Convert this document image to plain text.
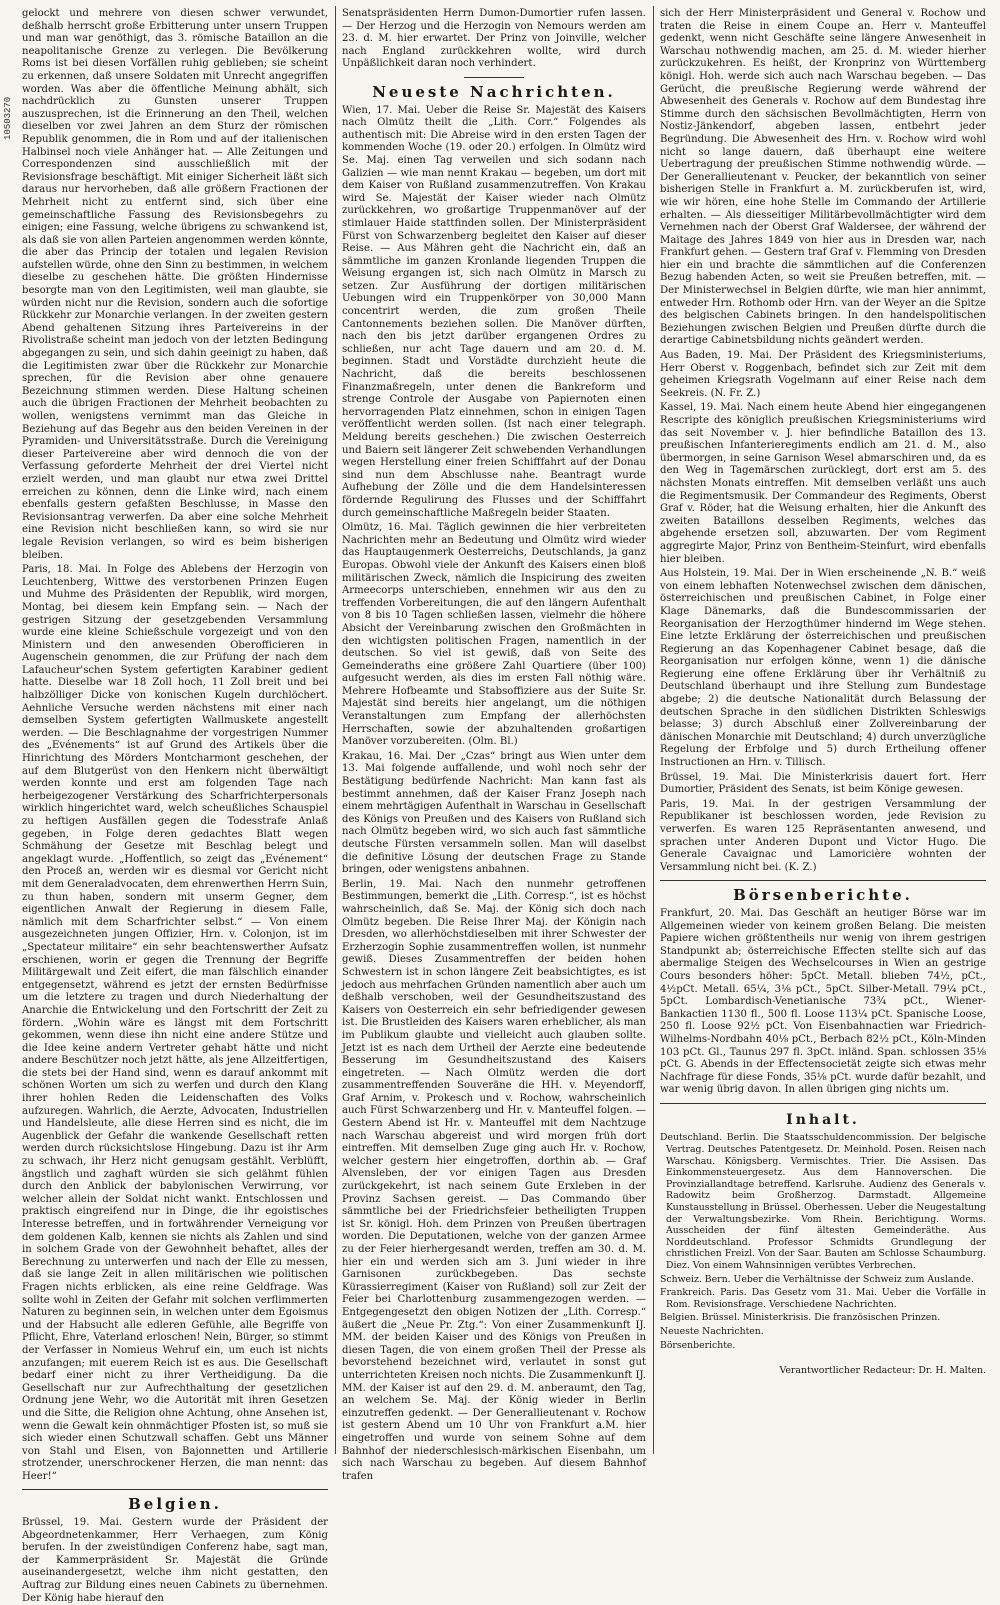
10503270

gelockt und mehrere von diesen schwer verwundet, deßhalb herrscht große Erbitterung unter unsern Truppen und man war genöthigt, das 3. römische Bataillon an die neapolitanische Grenze zu verlegen. Die Bevölkerung Roms ist bei diesen Vorfällen ruhig geblieben; sie scheint zu erkennen, daß unsere Soldaten mit Unrecht angegriffen worden. Was aber die öffentliche Meinung abhält, sich nachdrücklich zu Gunsten unserer Truppen auszusprechen, ist die Erinnerung an den Theil, welchen dieselben vor zwei Jahren an dem Sturz der römischen Republik genommen, die in Rom und auf der italienischen Halbinsel noch viele Anhänger hat. — Alle Zeitungen und Correspondenzen sind ausschließlich mit der Revisionsfrage beschäftigt. Mit einiger Sicherheit läßt sich daraus nur hervorheben, daß alle größern Fractionen der Mehrheit nicht zu entfernt sind, sich über eine gemeinschaftliche Fassung des Revisionsbegehrs zu einigen; eine Fassung, welche übrigens zu schwankend ist, als daß sie von allen Parteien angenommen werden könnte, die aber das Princip der totalen und legalen Revision aufstellen würde, ohne den Sinn zu bestimmen, in welchem dieselbe zu geschehen hätte. Die größten Hindernisse besorgte man von den Legitimisten, weil man glaubte, sie würden nicht nur die Revision, sondern auch die sofortige Rückkehr zur Monarchie verlangen. In der zweiten gestern Abend gehaltenen Sitzung ihres Parteivereins in der Rivolistraße scheint man jedoch von der letzten Bedingung abgegangen zu sein, und sich dahin geeinigt zu haben, daß die Legitimisten zwar über die Rückkehr zur Monarchie sprechen, für die Revision aber ohne genauere Bezeichnung stimmen werden. Diese Haltung scheinen auch die übrigen Fractionen der Mehrheit beobachten zu wollen, wenigstens vernimmt man das Gleiche in Beziehung auf das Begehr aus den beiden Vereinen in der Pyramiden- und Universitätsstraße. Durch die Vereinigung dieser Parteivereine aber wird dennoch die von der Verfassung geforderte Mehrheit der drei Viertel nicht erzielt werden, und man glaubt nur etwa zwei Drittel erreichen zu können, denn die Linke wird, nach einem ebenfalls gestern gefaßten Beschlusse, in Masse den Revisionsantrag verwerfen. Da aber eine solche Mehrheit eine Revision nicht beschließen kann, so wird sie nur legale Revision verlangen, so wird es beim bisherigen bleiben.

Paris, 18. Mai. In Folge des Ablebens der Herzogin von Leuchtenberg, Wittwe des verstorbenen Prinzen Eugen und Muhme des Präsidenten der Republik, wird morgen, Montag, bei diesem kein Empfang sein. — Nach der gestrigen Sitzung der gesetzgebenden Versammlung wurde eine kleine Schießschule vorgezeigt und von den Ministern und den anwesenden Oberofficieren in Augenschein genommen, die zur Prüfung der nach dem Lafaucheur'schen System gefertigten Karabiner gedient hatte. Dieselbe war 18 Zoll hoch, 11 Zoll breit und bei halbzölliger Dicke von konischen Kugeln durchlöchert. Aehnliche Versuche werden nächstens mit einer nach demselben System gefertigten Wallmuskete angestellt werden. — Die Beschlagnahme der vorgestrigen Nummer des „Evénements“ ist auf Grund des Artikels über die Hinrichtung des Mörders Montcharmont geschehen, der auf dem Blutgerüst von den Henkern nicht überwältigt werden konnte und erst am folgenden Tage nach herbeigezogener Verstärkung des Scharfrichterpersonals wirklich hingerichtet ward, welch scheußliches Schauspiel zu heftigen Ausfällen gegen die Todesstrafe Anlaß gegeben, in Folge deren gedachtes Blatt wegen Schmähung der Gesetze mit Beschlag belegt und angeklagt wurde. „Hoffentlich, so zeigt das „Evénement“ den Proceß an, werden wir es diesmal vor Gericht nicht mit dem Generaladvocaten, dem ehrenwerthen Herrn Suin, zu thun haben, sondern mit unserm Gegner, dem eigentlichen Anwalt der Regierung in diesem Falle, nämlich mit dem Scharfrichter selbst.“ — Von einem ausgezeichneten jungen Offizier, Hrn. v. Colonjon, ist im „Spectateur militaire“ ein sehr beachtenswerther Aufsatz erschienen, worin er gegen die Trennung der Begriffe Militärgewalt und Zeit eifert, die man fälschlich einander entgegensetzt, während es jetzt der ernsten Bedürfnisse um die letztere zu tragen und durch Niederhaltung der Anarchie die Entwickelung und den Fortschritt der Zeit zu fördern. „Wohin wäre es längst mit dem Fortschritt gekommen, wenn diese ihn nicht eine andere Stütze und die Idee keine andern Vertreter gehabt hätte und nicht andere Beschützer noch jetzt hätte, als jene Allzeitfertigen, die stets bei der Hand sind, wenn es darauf ankommt mit schönen Worten um sich zu werfen und durch den Klang ihrer hohlen Reden die Leidenschaften des Volks aufzuregen. Wahrlich, die Aerzte, Advocaten, Industriellen und Handelsleute, alle diese Herren sind es nicht, die im Augenblick der Gefahr die wankende Gesellschaft retten werden durch rücksichtslose Hingebung. Dazu ist ihr Arm zu schwach, ihr Herz nicht genugsam gestählt. Verblüfft, ängstlich und zaghaft würden sie sich gelähmt fühlen durch den Anblick der babylonischen Verwirrung, vor welcher allein der Soldat nicht wankt. Entschlossen und praktisch eingreifend nur in Dinge, die ihr egoistisches Interesse betreffen, und in fortwährender Verneigung vor dem goldenen Kalb, kennen sie nichts als Zahlen und sind in solchem Grade von der Gewohnheit behaftet, alles der Berechnung zu unterwerfen und nach der Elle zu messen, daß sie lange Zeit in allen militärischen wie politischen Fragen nichts erblicken, als eine reine Geldfrage. Was sollte wohl in Zeiten der Gefahr mit solchen verflimmerten Naturen zu beginnen sein, in welchen unter dem Egoismus und der Habsucht alle edleren Gefühle, alle Begriffe von Pflicht, Ehre, Vaterland erloschen! Nein, Bürger, so stimmt der Verfasser in Nomieus Wehruf ein, um euch ist nichts anzufangen; mit euerem Reich ist es aus. Die Gesellschaft bedarf einer nicht zu ihrer Vertheidigung. Da die Gesellschaft nur zur Aufrechthaltung der gesetzlichen Ordnung jene Wehr, wo die Autorität mit ihren Gesetzen und die Sitte, die Religion ohne Achtung, ohne Ansehen ist, wenn die Gewalt kein ohnmächtiger Pfosten ist, so muß sie sich wieder einen Schutzwall schaffen. Gebt uns Männer von Stahl und Eisen, von Bajonnetten und Artillerie strotzender, unerschrockener Herzen, die man nennt: das Heer!“

Belgien.

Brüssel, 19. Mai. Gestern wurde der Präsident der Abgeordnetenkammer, Herr Verhaegen, zum König berufen. In der zweistündigen Conferenz habe, sagt man, der Kammerpräsident Sr. Majestät die Gründe auseinandergesetzt, welche ihm nicht gestatten, den Auftrag zur Bildung eines neuen Cabinets zu übernehmen. Der König habe hierauf den

Senatspräsidenten Herrn Dumon-Dumortier rufen lassen. — Der Herzog und die Herzogin von Nemours werden am 23. d. M. hier erwartet. Der Prinz von Joinville, welcher nach England zurückkehren wollte, wird durch Unpäßlichkeit daran noch verhindert.

Neueste Nachrichten.

Wien, 17. Mai. Ueber die Reise Sr. Majestät des Kaisers nach Olmütz theilt die „Lith. Corr.“ Folgendes als authentisch mit: Die Abreise wird in den ersten Tagen der kommenden Woche (19. oder 20.) erfolgen. In Olmütz wird Se. Maj. einen Tag verweilen und sich sodann nach Galizien — wie man nennt Krakau — begeben, um dort mit dem Kaiser von Rußland zusammenzutreffen. Von Krakau wird Se. Majestät der Kaiser wieder nach Olmütz zurückkehren, wo großartige Truppenmanöver auf der stimlauer Haide stattfinden sollen. Der Ministerpräsident Fürst von Schwarzenberg begleitet den Kaiser auf dieser Reise. — Aus Mähren geht die Nachricht ein, daß an sämmtliche im ganzen Kronlande liegenden Truppen die Weisung ergangen ist, sich nach Olmütz in Marsch zu setzen. Zur Ausführung der dortigen militärischen Uebungen wird ein Truppenkörper von 30,000 Mann concentrirt werden, die zum großen Theile Cantonnements beziehen sollen. Die Manöver dürften, nach den bis jetzt darüber ergangenen Ordres zu schließen, nur acht Tage dauern und am 20. d. M. beginnen. Stadt und Vorstädte durchzieht heute die Nachricht, daß die bereits beschlossenen Finanzmaßregeln, unter denen die Bankreform und strenge Controle der Ausgabe von Papiernoten einen hervorragenden Platz einnehmen, schon in einigen Tagen veröffentlicht werden sollen. (Ist nach einer telegraph. Meldung bereits geschehen.) Die zwischen Oesterreich und Baiern seit längerer Zeit schwebenden Verhandlungen wegen Herstellung einer freien Schifffahrt auf der Donau sind nun dem Abschlusse nahe. Beantragt wurde Aufhebung der Zölle und die dem Handelsinteressen fördernde Regulirung des Flusses und der Schifffahrt durch gemeinschaftliche Maßregeln beider Staaten.

Olmütz, 16. Mai. Täglich gewinnen die hier verbreiteten Nachrichten mehr an Bedeutung und Olmütz wird wieder das Hauptaugenmerk Oesterreichs, Deutschlands, ja ganz Europas. Obwohl viele der Ankunft des Kaisers einen bloß militärischen Zweck, nämlich die Inspicirung des zweiten Armeecorps unterschieben, ennehmen wir aus den zu treffenden Vorbereitungen, die auf den längern Aufenthalt von 8 bis 10 Tagen schließen lassen, vielmehr die höhere Absicht der Vereinbarung zwischen den Großmächten in den wichtigsten politischen Fragen, namentlich in der deutschen. So viel ist gewiß, daß von Seite des Gemeinderaths eine größere Zahl Quartiere (über 100) aufgesucht werden, als dies im ersten Fall nöthig wäre. Mehrere Hofbeamte und Stabsoffiziere aus der Suite Sr. Majestät sind bereits hier angelangt, um die nöthigen Veranstaltungen zum Empfang der allerhöchsten Herrschaften, sowie der abzuhaltenden großartigen Manöver vorzubereiten. (Olm. Bl.)

Krakau, 16. Mai. Der „Czas“ bringt aus Wien unter dem 13. Mai folgende auffallende, und wohl noch sehr der Bestätigung bedürfende Nachricht: Man kann fast als bestimmt annehmen, daß der Kaiser Franz Joseph nach einem mehrtägigen Aufenthalt in Warschau in Gesellschaft des Königs von Preußen und des Kaisers von Rußland sich nach Olmütz begeben wird, wo sich auch fast sämmtliche deutsche Fürsten versammeln sollen. Man will daselbst die definitive Lösung der deutschen Frage zu Stande bringen, oder wenigstens anbahnen.

Berlin, 19. Mai. Nach den nunmehr getroffenen Bestimmungen, bemerkt die „Lith. Corresp.“, ist es höchst wahrscheinlich, daß Se. Maj. der König sich doch nach Olmütz begeben. Die Reise Ihrer Maj. der Königin nach Dresden, wo allerhöchstdieselben mit ihrer Schwester der Erzherzogin Sophie zusammentreffen wollen, ist nunmehr gewiß. Dieses Zusammentreffen der beiden hohen Schwestern ist in schon längere Zeit beabsichtigtes, es ist jedoch aus mehrfachen Gründen namentlich aber auch um deßhalb verschoben, weil der Gesundheitszustand des Kaisers von Oesterreich ein sehr befriedigender gewesen ist. Die Brustleiden des Kaisers waren erheblicher, als man im Publikum glaubte und vielleicht auch glauben sollte. Jetzt ist es nach dem Urtheil der Aerzte eine bedeutende Besserung im Gesundheitszustand des Kaisers eingetreten. — Nach Olmütz werden die dort zusammentreffenden Souveräne die HH. v. Meyendorff, Graf Arnim, v. Prokesch und v. Rochow, wahrscheinlich auch Fürst Schwarzenberg und Hr. v. Manteuffel folgen. — Gestern Abend ist Hr. v. Manteuffel mit dem Nachtzuge nach Warschau abgereist und wird morgen früh dort eintreffen. Mit demselben Zuge ging auch Hr. v. Rochow, welcher gestern hier eingetroffen, dorthin ab. — Graf Alvensleben, der vor einigen Tagen aus Dresden zurückgekehrt, ist nach seinem Gute Erxleben in der Provinz Sachsen gereist. — Das Commando über sämmtliche bei der Friedrichsfeier betheiligten Truppen ist Sr. königl. Hoh. dem Prinzen von Preußen übertragen worden. Die Deputationen, welche von der ganzen Armee zu der Feier hierhergesandt werden, treffen am 30. d. M. hier ein und werden sich am 3. Juni wieder in ihre Garnisonen zurückbegeben. Das sechste Kürassierregiment (Kaiser von Rußland) soll zur Zeit der Feier bei Charlottenburg zusammengezogen werden. — Entgegengesetzt den obigen Notizen der „Lith. Corresp.“ äußert die „Neue Pr. Ztg.“: Von einer Zusammenkunft IJ. MM. der beiden Kaiser und des Königs von Preußen in diesen Tagen, die von einem großen Theil der Presse als bevorstehend bezeichnet wird, verlautet in sonst gut unterrichteten Kreisen noch nichts. Die Zusammenkunft IJ. MM. der Kaiser ist auf den 29. d. M. anberaumt, den Tag, an welchem Se. Maj. der König wieder in Berlin einzutreffen gedenkt. — Der Generallieutenant v. Rochow ist gestern Abend um 10 Uhr von Frankfurt a.M. hier eingetroffen und wurde von seinem Sohne auf dem Bahnhof der niederschlesisch-märkischen Eisenbahn, um sich nach Warschau zu begeben. Auf diesem Bahnhof trafen

sich der Herr Ministerpräsident und General v. Rochow und traten die Reise in einem Coupe an. Herr v. Manteuffel gedenkt, wenn nicht Geschäfte seine längere Anwesenheit in Warschau nothwendig machen, am 25. d. M. wieder hierher zurückzukehren. Es heißt, der Kronprinz von Württemberg königl. Hoh. werde sich auch nach Warschau begeben. — Das Gerücht, die preußische Regierung werde während der Abwesenheit des Generals v. Rochow auf dem Bundestag ihre Stimme durch den sächsischen Bevollmächtigten, Herrn von Nostiz-Jänkendorf, abgeben lassen, entbehrt jeder Begründung. Die Abwesenheit des Hrn. v. Rochow wird wohl nicht so lange dauern, daß überhaupt eine weitere Uebertragung der preußischen Stimme nothwendig würde. — Der Generallieutenant v. Peucker, der bekanntlich von seiner bisherigen Stelle in Frankfurt a. M. zurückberufen ist, wird, wie wir hören, eine hohe Stelle im Commando der Artillerie erhalten. — Als diesseitiger Militärbevollmächtigter wird dem Vernehmen nach der Oberst Graf Waldersee, der während der Maitage des Jahres 1849 von hier aus in Dresden war, nach Frankfurt gehen. — Gestern traf Graf v. Flemming von Dresden hier ein und brachte die sämmtlichen auf die Conferenzen Bezug habenden Acten, so weit sie Preußen betreffen, mit. — Der Ministerwechsel in Belgien dürfte, wie man hier annimmt, entweder Hrn. Rothomb oder Hrn. van der Weyer an die Spitze des belgischen Cabinets bringen. In den handelspolitischen Beziehungen zwischen Belgien und Preußen dürfte durch die derartige Cabinetsbildung nichts geändert werden.

Aus Baden, 19. Mai. Der Präsident des Kriegsministeriums, Herr Oberst v. Roggenbach, befindet sich zur Zeit mit dem geheimen Kriegsrath Vogelmann auf einer Reise nach dem Seekreis. (N. Fr. Z.)

Kassel, 19. Mai. Nach einem heute Abend hier eingegangenen Rescripte des königlich preußischen Kriegsministeriums wird das seit November v. J. hier befindliche Bataillon des 13. preußischen Infanterieregiments endlich am 21. d. M., also übermorgen, in seine Garnison Wesel abmarschiren und, da es den Weg in Tagemärschen zurücklegt, dort erst am 5. des nächsten Monats eintreffen. Mit demselben verläßt uns auch die Regimentsmusik. Der Commandeur des Regiments, Oberst Graf v. Röder, hat die Weisung erhalten, hier die Ankunft des zweiten Bataillons desselben Regiments, welches das abgehende ersetzen soll, abzuwarten. Der vom Regiment aggregirte Major, Prinz von Bentheim-Steinfurt, wird ebenfalls hier bleiben.

Aus Holstein, 19. Mai. Der in Wien erscheinende „N. B.“ weiß von einem lebhaften Notenwechsel zwischen dem dänischen, österreichischen und preußischen Cabinet, in Folge einer Klage Dänemarks, daß die Bundescommissarien der Reorganisation der Herzogthümer hindernd im Wege stehen. Eine letzte Erklärung der österreichischen und preußischen Regierung an das Kopenhagener Cabinet besage, daß die Reorganisation nur erfolgen könne, wenn 1) die dänische Regierung eine offene Erklärung über ihr Verhältniß zu Deutschland überhaupt und ihre Stellung zum Bundestage abgebe; 2) die deutsche Nationalität durch Belassung der deutschen Sprache in den südlichen Distrikten Schleswigs belasse; 3) durch Abschluß einer Zollvereinbarung der dänischen Monarchie mit Deutschland; 4) durch unverzügliche Regelung der Erbfolge und 5) durch Ertheilung offener Instructionen an Hrn. v. Tillisch.

Brüssel, 19. Mai. Die Ministerkrisis dauert fort. Herr Dumortier, Präsident des Senats, ist beim Könige gewesen.

Paris, 19. Mai. In der gestrigen Versammlung der Republikaner ist beschlossen worden, jede Revision zu verwerfen. Es waren 125 Repräsentanten anwesend, und sprachen unter Anderen Dupont und Victor Hugo. Die Generale Cavaignac und Lamoricière wohnten der Versammlung nicht bei. (K. Z.)

Börsenberichte.

Frankfurt, 20. Mai. Das Geschäft an heutiger Börse war im Allgemeinen wieder von keinem großen Belang. Die meisten Papiere wichen größtentheils nur wenig von ihrem gestrigen Standpunkt ab; österreichische Effecten stellte sich auf das abermalige Steigen des Wechselcourses in Wien an gestrige Cours besonders höher: 5pCt. Metall. blieben 74½, pCt., 4½pCt. Metall. 65¼, 3⅛ pCt., 5pCt. Silber-Metall. 79¼ pCt., 5pCt. Lombardisch-Venetianische 73¾ pCt., Wiener-Bankactien 1130 fl., 500 fl. Loose 113¼ pCt. Spanische Loose, 250 fl. Loose 92½ pCt. Von Eisenbahnactien war Friedrich-Wilhelms-Nordbahn 40⅛ pCt., Berbach 82½ pCt., Köln-Minden 103 pCt. Gl., Taunus 297 fl. 3pCt. inländ. Span. schlossen 35⅛ pCt. G. Abends in der Effectensocietät zeigte sich etwas mehr Nachfrage für diese Fonds, 35⅛ pCt. wurde dafür bezahlt, und war wenig übrig davon. In allen übrigen ging nichts um.

Inhalt.

Deutschland. Berlin. Die Staatsschuldencommission. Der belgische Vertrag. Deutsches Patentgesetz. Dr. Meinhold. Posen. Reisen nach Warschau. Königsberg. Vermischtes. Trier. Die Assisen. Das Einkommensteuergesetz. Aus dem Hannoverschen. Die Provinziallandtage betreffend. Karlsruhe. Audienz des Generals v. Radowitz beim Großherzog. Darmstadt. Allgemeine Kunstausstellung in Brüssel. Oberhessen. Ueber die Neugestaltung der Verwaltungsbezirke. Vom Rhein. Berichtigung. Worms. Ausscheiden der fünf ältesten Gemeinderäthe. Aus Norddeutschland. Professor Schmidts Grundlegung der christlichen Freizl. Von der Saar. Bauten am Schlosse Schaumburg. Diez. Von einem Wahnsinnigen verübtes Verbrechen.

Schweiz. Bern. Ueber die Verhältnisse der Schweiz zum Auslande.

Frankreich. Paris. Das Gesetz vom 31. Mai. Ueber die Vorfälle in Rom. Revisionsfrage. Verschiedene Nachrichten.

Belgien. Brüssel. Ministerkrisis. Die französischen Prinzen.

Neueste Nachrichten.

Börsenberichte.

Verantwortlicher Redacteur: Dr. H. Malten.
